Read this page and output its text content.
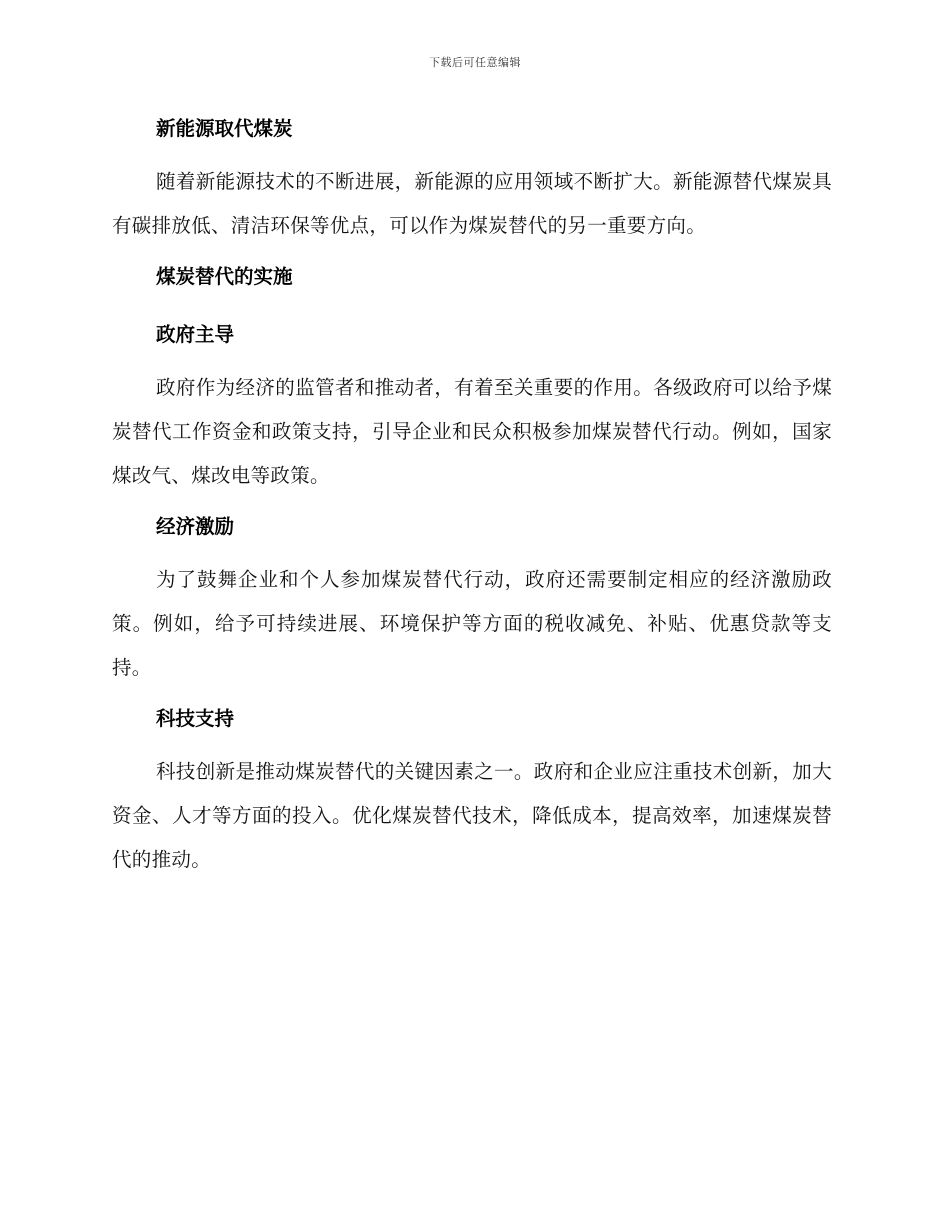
下载后可任意编辑
新能源取代煤炭

随着新能源技术的不断进展，新能源的应用领域不断扩大。新能源替代煤炭具有碳排放低、清洁环保等优点，可以作为煤炭替代的另一重要方向。

煤炭替代的实施
政府主导

政府作为经济的监管者和推动者，有着至关重要的作用。各级政府可以给予煤炭替代工作资金和政策支持，引导企业和民众积极参加煤炭替代行动。例如，国家煤改气、煤改电等政策。

经济激励

为了鼓舞企业和个人参加煤炭替代行动，政府还需要制定相应的经济激励政策。例如，给予可持续进展、环境保护等方面的税收减免、补贴、优惠贷款等支持。

科技支持

科技创新是推动煤炭替代的关键因素之一。政府和企业应注重技术创新，加大资金、人才等方面的投入。优化煤炭替代技术，降低成本，提高效率，加速煤炭替代的推动。
